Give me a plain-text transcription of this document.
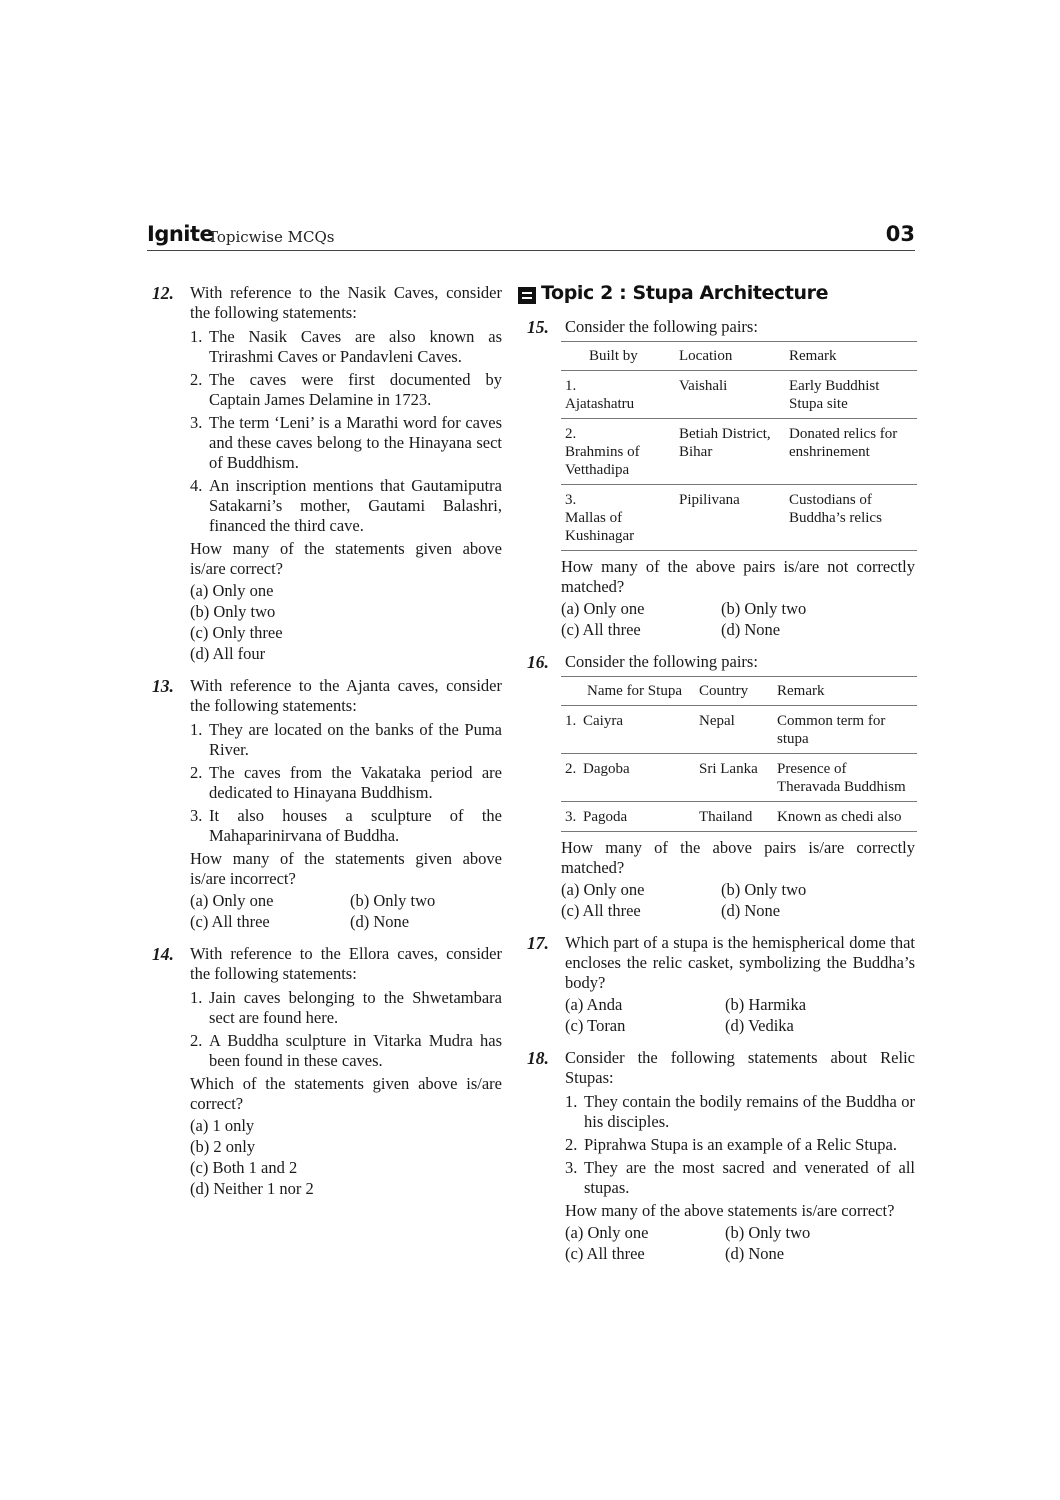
Ignite
Topicwise MCQs	03
12. With reference to the Nasik Caves, consider the following statements:
1. The Nasik Caves are also known as Trirashmi Caves or Pandavleni Caves.
2. The caves were first documented by Captain James Delamine in 1723.
3. The term ‘Leni’ is a Marathi word for caves and these caves belong to the Hinayana sect of Buddhism.
4. An inscription mentions that Gautamiputra Satakarni’s mother, Gautami Balashri, financed the third cave.
How many of the statements given above is/are correct?
(a) Only one
(b) Only two
(c) Only three
(d) All four
13. With reference to the Ajanta caves, consider the following statements:
1. They are located on the banks of the Puma River.
2. The caves from the Vakataka period are dedicated to Hinayana Buddhism.
3. It also houses a sculpture of the Mahaparinirvana of Buddha.
How many of the statements given above is/are incorrect?
(a) Only one	(b) Only two
(c) All three	(d) None
14. With reference to the Ellora caves, consider the following statements:
1. Jain caves belonging to the Shwetambara sect are found here.
2. A Buddha sculpture in Vitarka Mudra has been found in these caves.
Which of the statements given above is/are correct?
(a) 1 only
(b) 2 only
(c) Both 1 and 2
(d) Neither 1 nor 2
Topic 2 : Stupa Architecture
15. Consider the following pairs:
Built by	Location	Remark
1.Ajatashatru	Vaishali	Early Buddhist Stupa site
2.Brahmins of Vetthadipa	Betiah District, Bihar	Donated relics for enshrinement
3.Mallas of Kushinagar	Pipilivana	Custodians of Buddha’s relics
How many of the above pairs is/are not correctly matched?
(a) Only one	(b) Only two
(c) All three	(d) None
16. Consider the following pairs:
Name for Stupa	Country	Remark
1. Caiyra	Nepal	Common term for stupa
2. Dagoba	Sri Lanka	Presence of Theravada Buddhism
3. Pagoda	Thailand	Known as chedi also
How many of the above pairs is/are correctly matched?
(a) Only one	(b) Only two
(c) All three	(d) None
17. Which part of a stupa is the hemispherical dome that encloses the relic casket, symbolizing the Buddha’s body?
(a) Anda	(b) Harmika
(c) Toran	(d) Vedika
18. Consider the following statements about Relic Stupas:
1. They contain the bodily remains of the Buddha or his disciples.
2. Piprahwa Stupa is an example of a Relic Stupa.
3. They are the most sacred and venerated of all stupas.
How many of the above statements is/are correct?
(a) Only one	(b) Only two
(c) All three	(d) None
